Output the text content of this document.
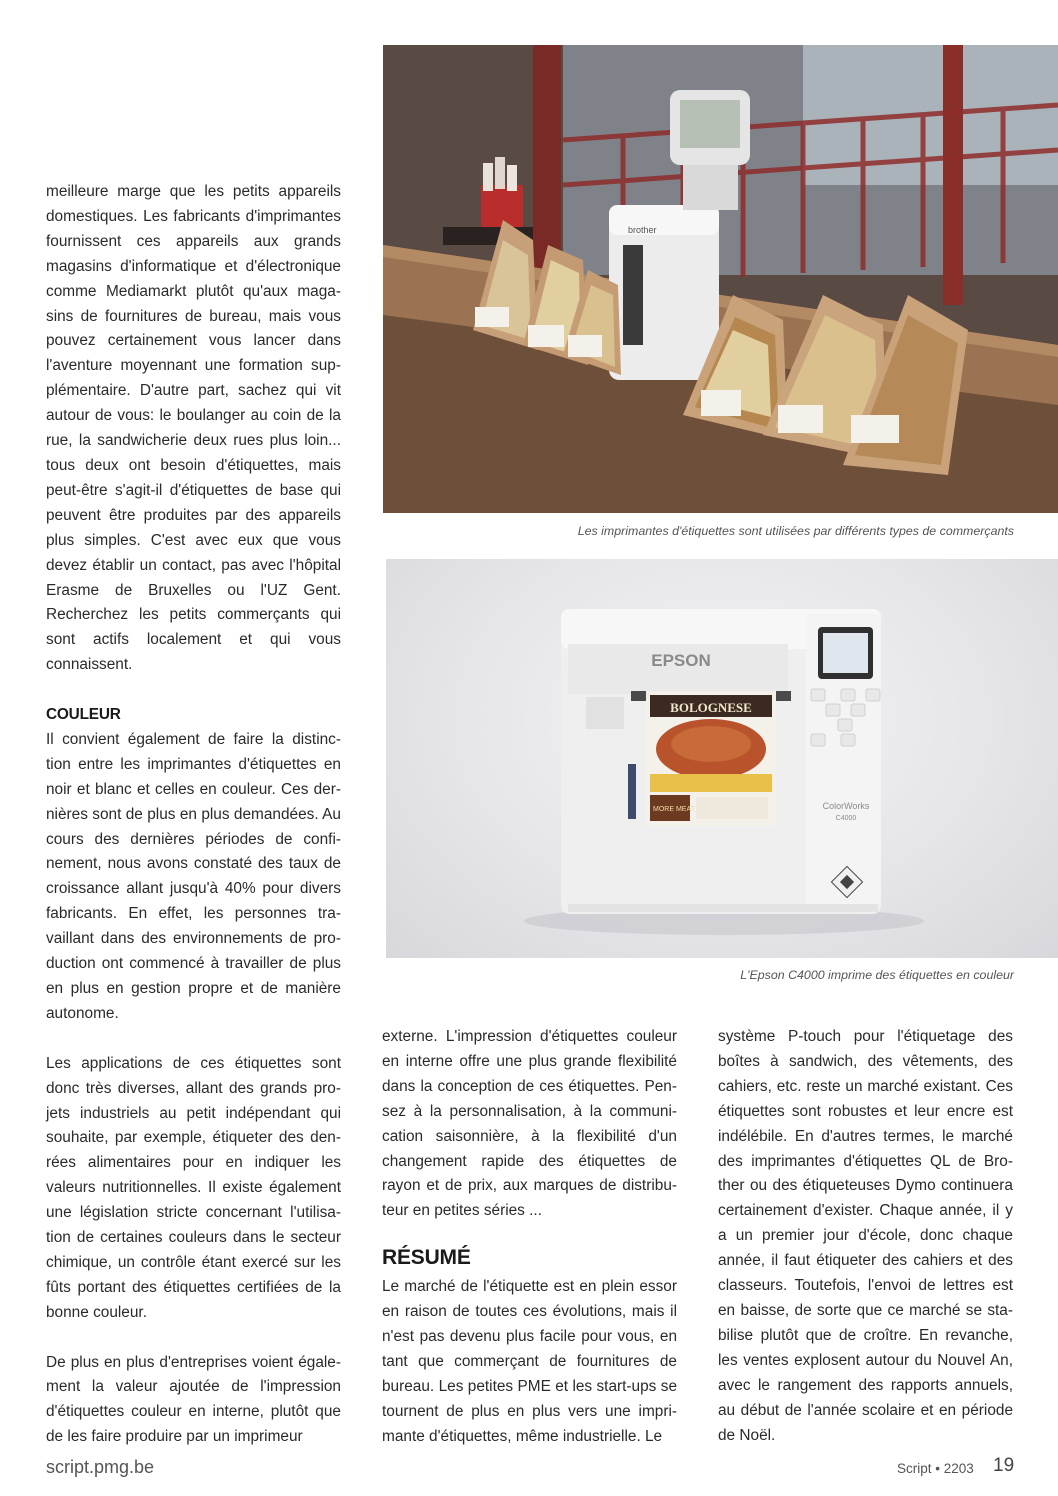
meilleure marge que les petits appareils domestiques. Les fabricants d'imprimantes fournissent ces appareils aux grands magasins d'informatique et d'électronique comme Mediamarkt plutôt qu'aux maga- sins de fournitures de bureau, mais vous pouvez certainement vous lancer dans l'aventure moyennant une formation sup- plémentaire. D'autre part, sachez qui vit autour de vous: le boulanger au coin de la rue, la sandwicherie deux rues plus loin... tous deux ont besoin d'étiquettes, mais peut-être s'agit-il d'étiquettes de base qui peuvent être produites par des appareils plus simples. C'est avec eux que vous devez établir un contact, pas avec l'hôpital Erasme de Bruxelles ou l'UZ Gent. Recherchez les petits commerçants qui sont actifs localement et qui vous connaissent.

COULEUR

Il convient également de faire la distinc- tion entre les imprimantes d'étiquettes en noir et blanc et celles en couleur. Ces der- nières sont de plus en plus demandées. Au cours des dernières périodes de confi- nement, nous avons constaté des taux de croissance allant jusqu'à 40% pour divers fabricants. En effet, les personnes tra- vaillant dans des environnements de pro- duction ont commencé à travailler de plus en plus en gestion propre et de manière autonome.

Les applications de ces étiquettes sont donc très diverses, allant des grands pro- jets industriels au petit indépendant qui souhaite, par exemple, étiqueter des den- rées alimentaires pour en indiquer les valeurs nutritionnelles. Il existe également une législation stricte concernant l'utilisa- tion de certaines couleurs dans le secteur chimique, un contrôle étant exercé sur les fûts portant des étiquettes certifiées de la bonne couleur.

De plus en plus d'entreprises voient égale- ment la valeur ajoutée de l'impression d'étiquettes couleur en interne, plutôt que de les faire produire par un imprimeur

brother
Les imprimantes d'étiquettes sont utilisées par différents types de commerçants
EPSON
BOLOGNESE
MORE MEAT	ColorWorks
C4000
L'Epson C4000 imprime des étiquettes en couleur

externe. L'impression d'étiquettes couleur en interne offre une plus grande flexibilité dans la conception de ces étiquettes. Pen- sez à la personnalisation, à la communi- cation saisonnière, à la flexibilité d'un changement rapide des étiquettes de rayon et de prix, aux marques de distribu- teur en petites séries ...

RÉSUMÉ

Le marché de l'étiquette est en plein essor en raison de toutes ces évolutions, mais il n'est pas devenu plus facile pour vous, en tant que commerçant de fournitures de bureau. Les petites PME et les start-ups se tournent de plus en plus vers une impri- mante d'étiquettes, même industrielle. Le

système P-touch pour l'étiquetage des boîtes à sandwich, des vêtements, des cahiers, etc. reste un marché existant. Ces étiquettes sont robustes et leur encre est indélébile. En d'autres termes, le marché des imprimantes d'étiquettes QL de Bro- ther ou des étiqueteuses Dymo continuera certainement d'exister. Chaque année, il y a un premier jour d'école, donc chaque année, il faut étiqueter des cahiers et des classeurs. Toutefois, l'envoi de lettres est en baisse, de sorte que ce marché se sta- bilise plutôt que de croître. En revanche, les ventes explosent autour du Nouvel An, avec le rangement des rapports annuels, au début de l'année scolaire et en période de Noël.

script.pmg.be	Script • 2203 19
